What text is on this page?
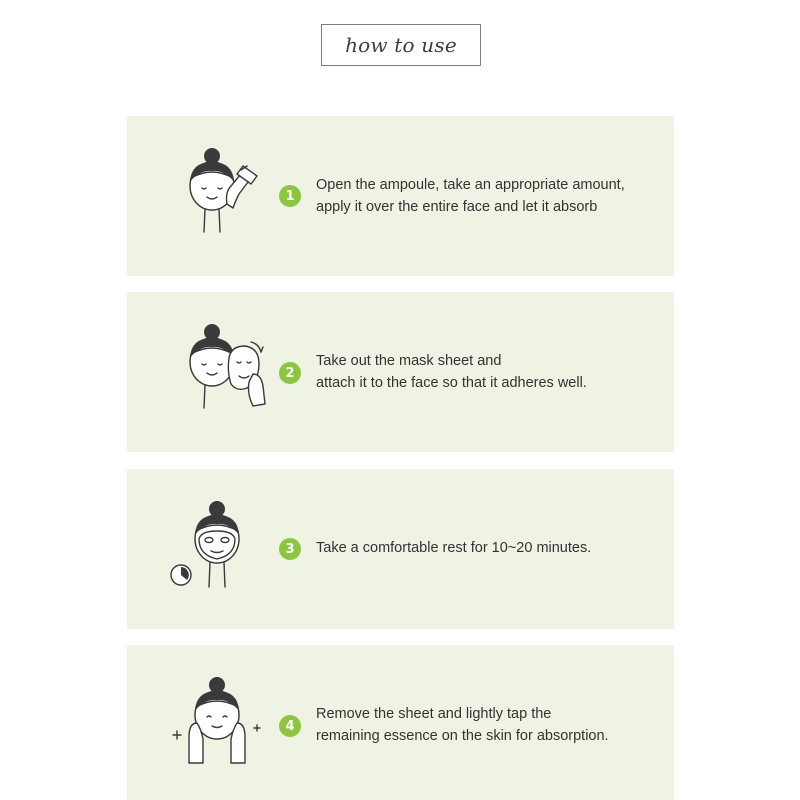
how to use
1
Open the ampoule, take an appropriate amount,
apply it over the entire face and let it absorb
2
Take out the mask sheet and
attach it to the face so that it adheres well.
3	Take a comfortable rest for 10~20 minutes.
4
Remove the sheet and lightly tap the
remaining essence on the skin for absorption.
